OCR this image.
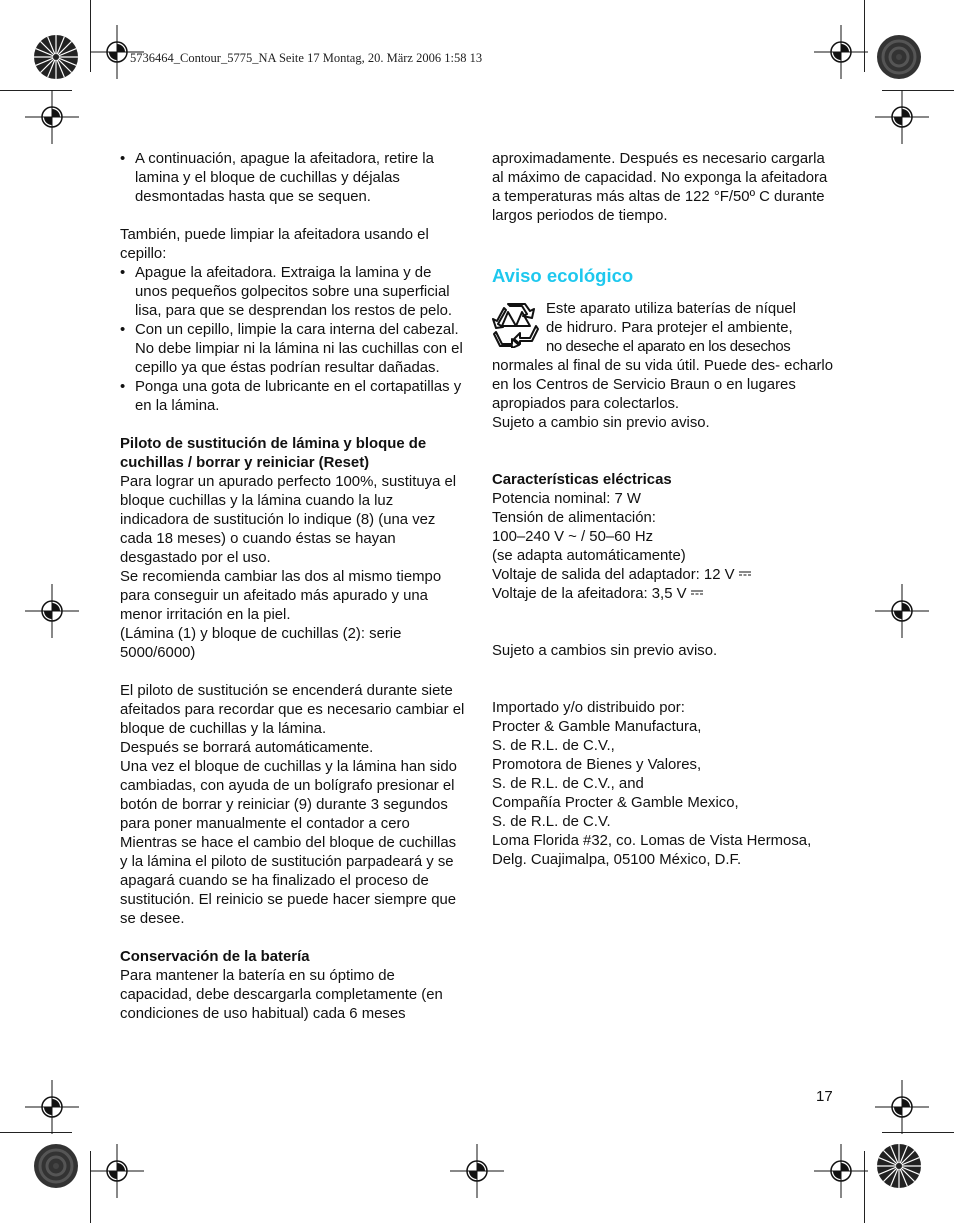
5736464_Contour_5775_NA Seite 17 Montag, 20. März 2006 1:58 13
• A continuación, apague la afeitadora, retire la lamina y el bloque de cuchillas y déjalas desmontadas hasta que se sequen.

También, puede limpiar la afeitadora usando el cepillo:

• Apague la afeitadora. Extraiga la lamina y de unos pequeños golpecitos sobre una superficial lisa, para que se desprendan los restos de pelo.
• Con un cepillo, limpie la cara interna del cabezal. No debe limpiar ni la lámina ni las cuchillas con el cepillo ya que éstas podrían resultar dañadas.
• Ponga una gota de lubricante en el cortapatillas y en la lámina.

Piloto de sustitución de lámina y bloque de cuchillas / borrar y reiniciar (Reset)

Para lograr un apurado perfecto 100%, sustituya el bloque cuchillas y la lámina cuando la luz indicadora de sustitución lo indique (8) (una vez cada 18 meses) o cuando éstas se hayan desgastado por el uso.

Se recomienda cambiar las dos al mismo tiempo para conseguir un afeitado más apurado y una menor irritación en la piel.

(Lámina (1) y bloque de cuchillas (2): serie 5000/6000)

El piloto de sustitución se encenderá durante siete afeitados para recordar que es necesario cambiar el bloque de cuchillas y la lámina.

Después se borrará automáticamente.

Una vez el bloque de cuchillas y la lámina han sido cambiadas, con ayuda de un bolígrafo presionar el botón de borrar y reiniciar (9) durante 3 segundos para poner manualmente el contador a cero

Mientras se hace el cambio del bloque de cuchillas y la lámina el piloto de sustitución parpadeará y se apagará cuando se ha finalizado el proceso de sustitución. El reinicio se puede hacer siempre que se desee.

Conservación de la batería

Para mantener la batería en su óptimo de capacidad, debe descargarla completamente (en condiciones de uso habitual) cada 6 meses

aproximadamente. Después es necesario cargarla al máximo de capacidad. No exponga la afeitadora a temperaturas más altas de 122 °F/50º C durante largos periodos de tiempo.

Aviso ecológico

Este aparato utiliza baterías de níquel
de hidruro. Para protejer el ambiente,
no deseche el aparato en los desechos
normales al final de su vida útil. Puede des- echarlo en los Centros de Servicio Braun o en lugares apropiados para colectarlos.

Sujeto a cambio sin previo aviso.

Características eléctricas

Potencia nominal: 7 W

Tensión de alimentación:

100–240 V ~ / 50–60 Hz

(se adapta automáticamente)

Voltaje de salida del adaptador: 12 V

Voltaje de la afeitadora: 3,5 V

Sujeto a cambios sin previo aviso.

Importado y/o distribuido por:

Procter & Gamble Manufactura,

S. de R.L. de C.V.,

Promotora de Bienes y Valores,

S. de R.L. de C.V., and

Compañía Procter & Gamble Mexico,

S. de R.L. de C.V.

Loma Florida #32, co. Lomas de Vista Hermosa,

Delg. Cuajimalpa, 05100 México, D.F.

17
